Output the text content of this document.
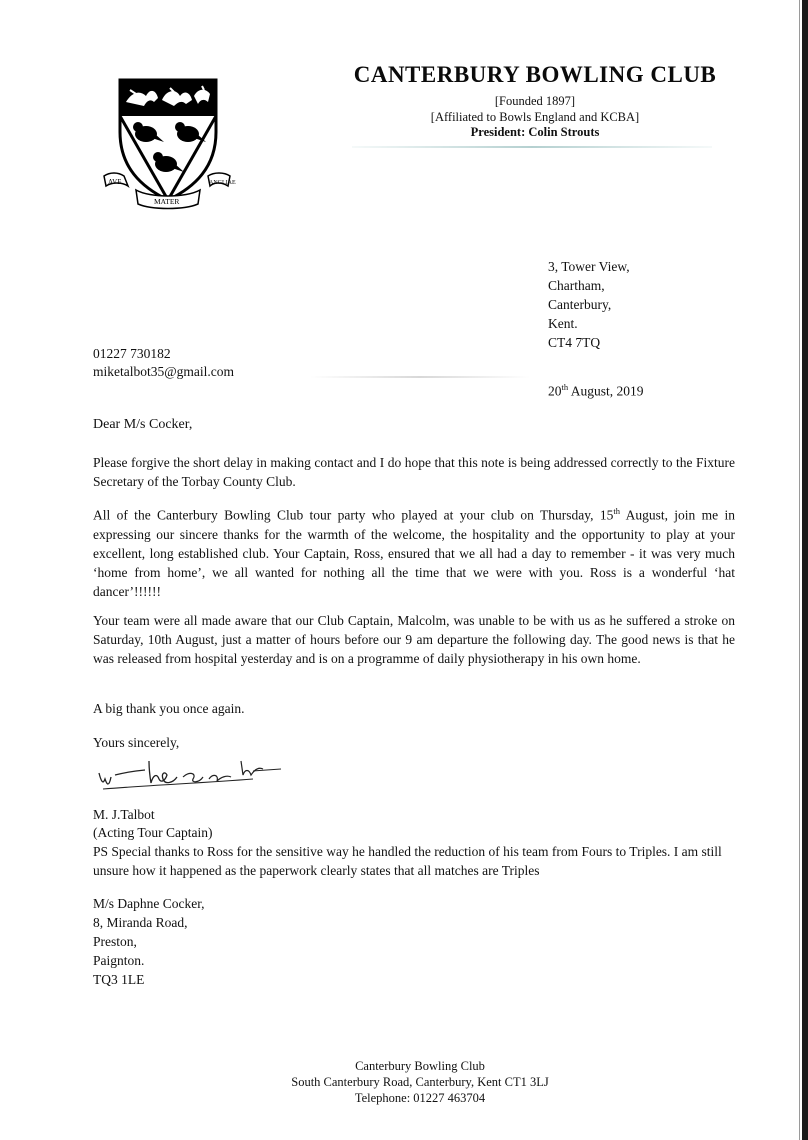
AVE
MATER
ANGLIAE
CANTERBURY BOWLING CLUB
[Founded 1897]
[Affiliated to Bowls England and KCBA]
President: Colin Strouts
3, Tower View,
Chartham,
Canterbury,
Kent.
CT4 7TQ
01227 730182
miketalbot35@gmail.com
20th August, 2019
Dear M/s Cocker,

Please forgive the short delay in making contact and I do hope that this note is being addressed correctly to the Fixture Secretary of the Torbay County Club.

All of the Canterbury Bowling Club tour party who played at your club on Thursday, 15th August, join me in expressing our sincere thanks for the warmth of the welcome, the hospitality and the opportunity to play at your excellent, long established club. Your Captain, Ross, ensured that we all had a day to remember - it was very much ‘home from home’, we all wanted for nothing all the time that we were with you. Ross is a wonderful ‘hat dancer’!!!!!!

Your team were all made aware that our Club Captain, Malcolm, was unable to be with us as he suffered a stroke on Saturday, 10th August, just a matter of hours before our 9 am departure the following day. The good news is that he was released from hospital yesterday and is on a programme of daily physiotherapy in his own home.

A big thank you once again.

Yours sincerely,
M. J.Talbot
(Acting Tour Captain)

PS Special thanks to Ross for the sensitive way he handled the reduction of his team from Fours to Triples. I am still unsure how it happened as the paperwork clearly states that all matches are Triples

M/s Daphne Cocker,
8, Miranda Road,
Preston,
Paignton.
TQ3 1LE
Canterbury Bowling Club
South Canterbury Road, Canterbury, Kent CT1 3LJ
Telephone: 01227 463704
